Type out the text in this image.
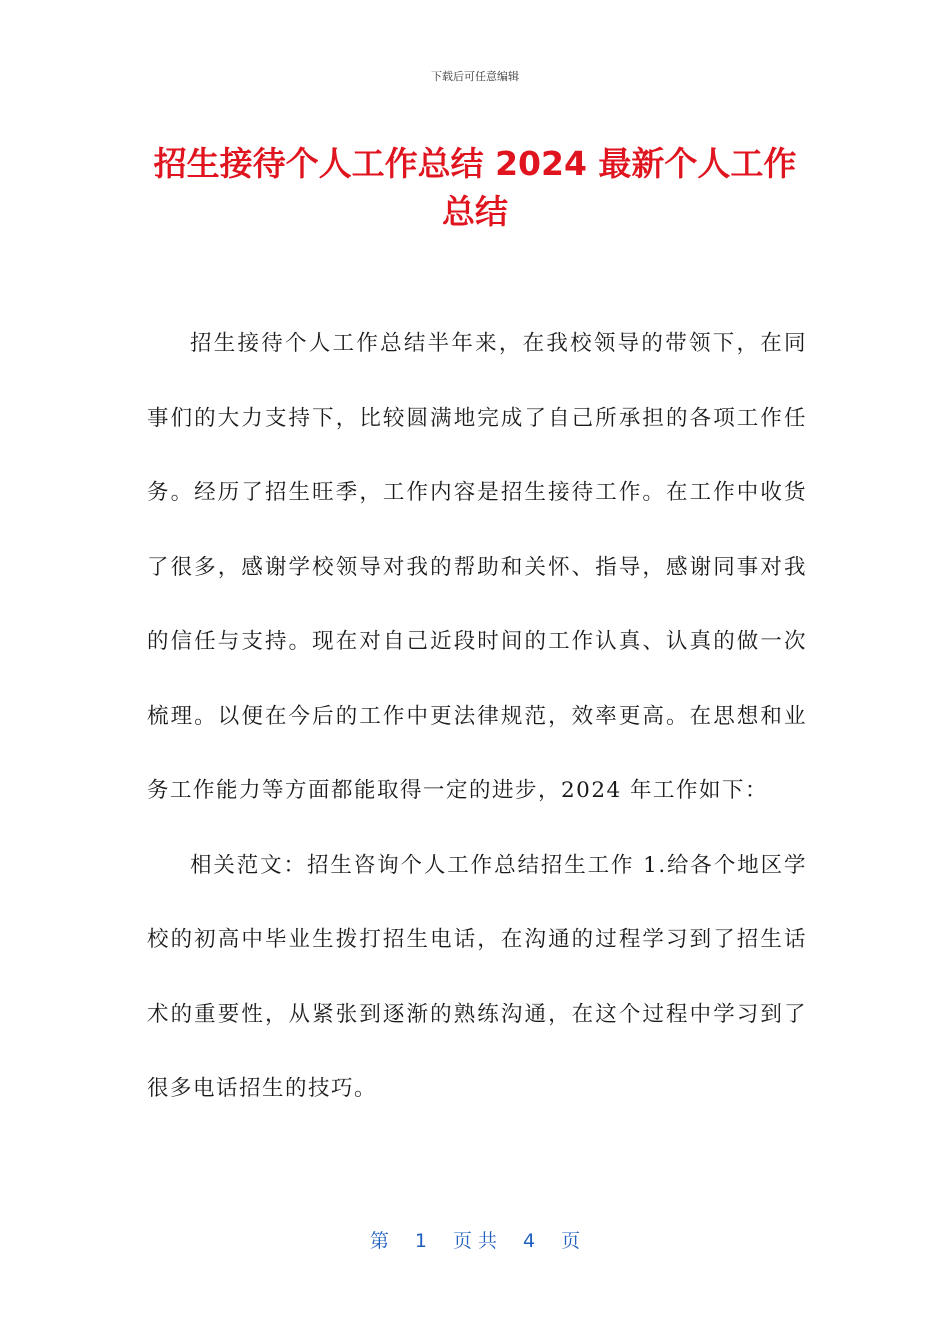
下载后可任意编辑
招生接待个人工作总结 2024 最新个人工作总结

招生接待个人工作总结半年来，在我校领导的带领下，在同事们的大力支持下，比较圆满地完成了自己所承担的各项工作任务。经历了招生旺季，工作内容是招生接待工作。在工作中收货了很多，感谢学校领导对我的帮助和关怀、指导，感谢同事对我的信任与支持。现在对自己近段时间的工作认真、认真的做一次梳理。以便在今后的工作中更法律规范，效率更高。在思想和业务工作能力等方面都能取得一定的进步，2024 年工作如下：

相关范文：招生咨询个人工作总结招生工作 1.给各个地区学校的初高中毕业生拨打招生电话，在沟通的过程学习到了招生话术的重要性，从紧张到逐渐的熟练沟通，在这个过程中学习到了很多电话招生的技巧。

第 1 页 共 4 页
